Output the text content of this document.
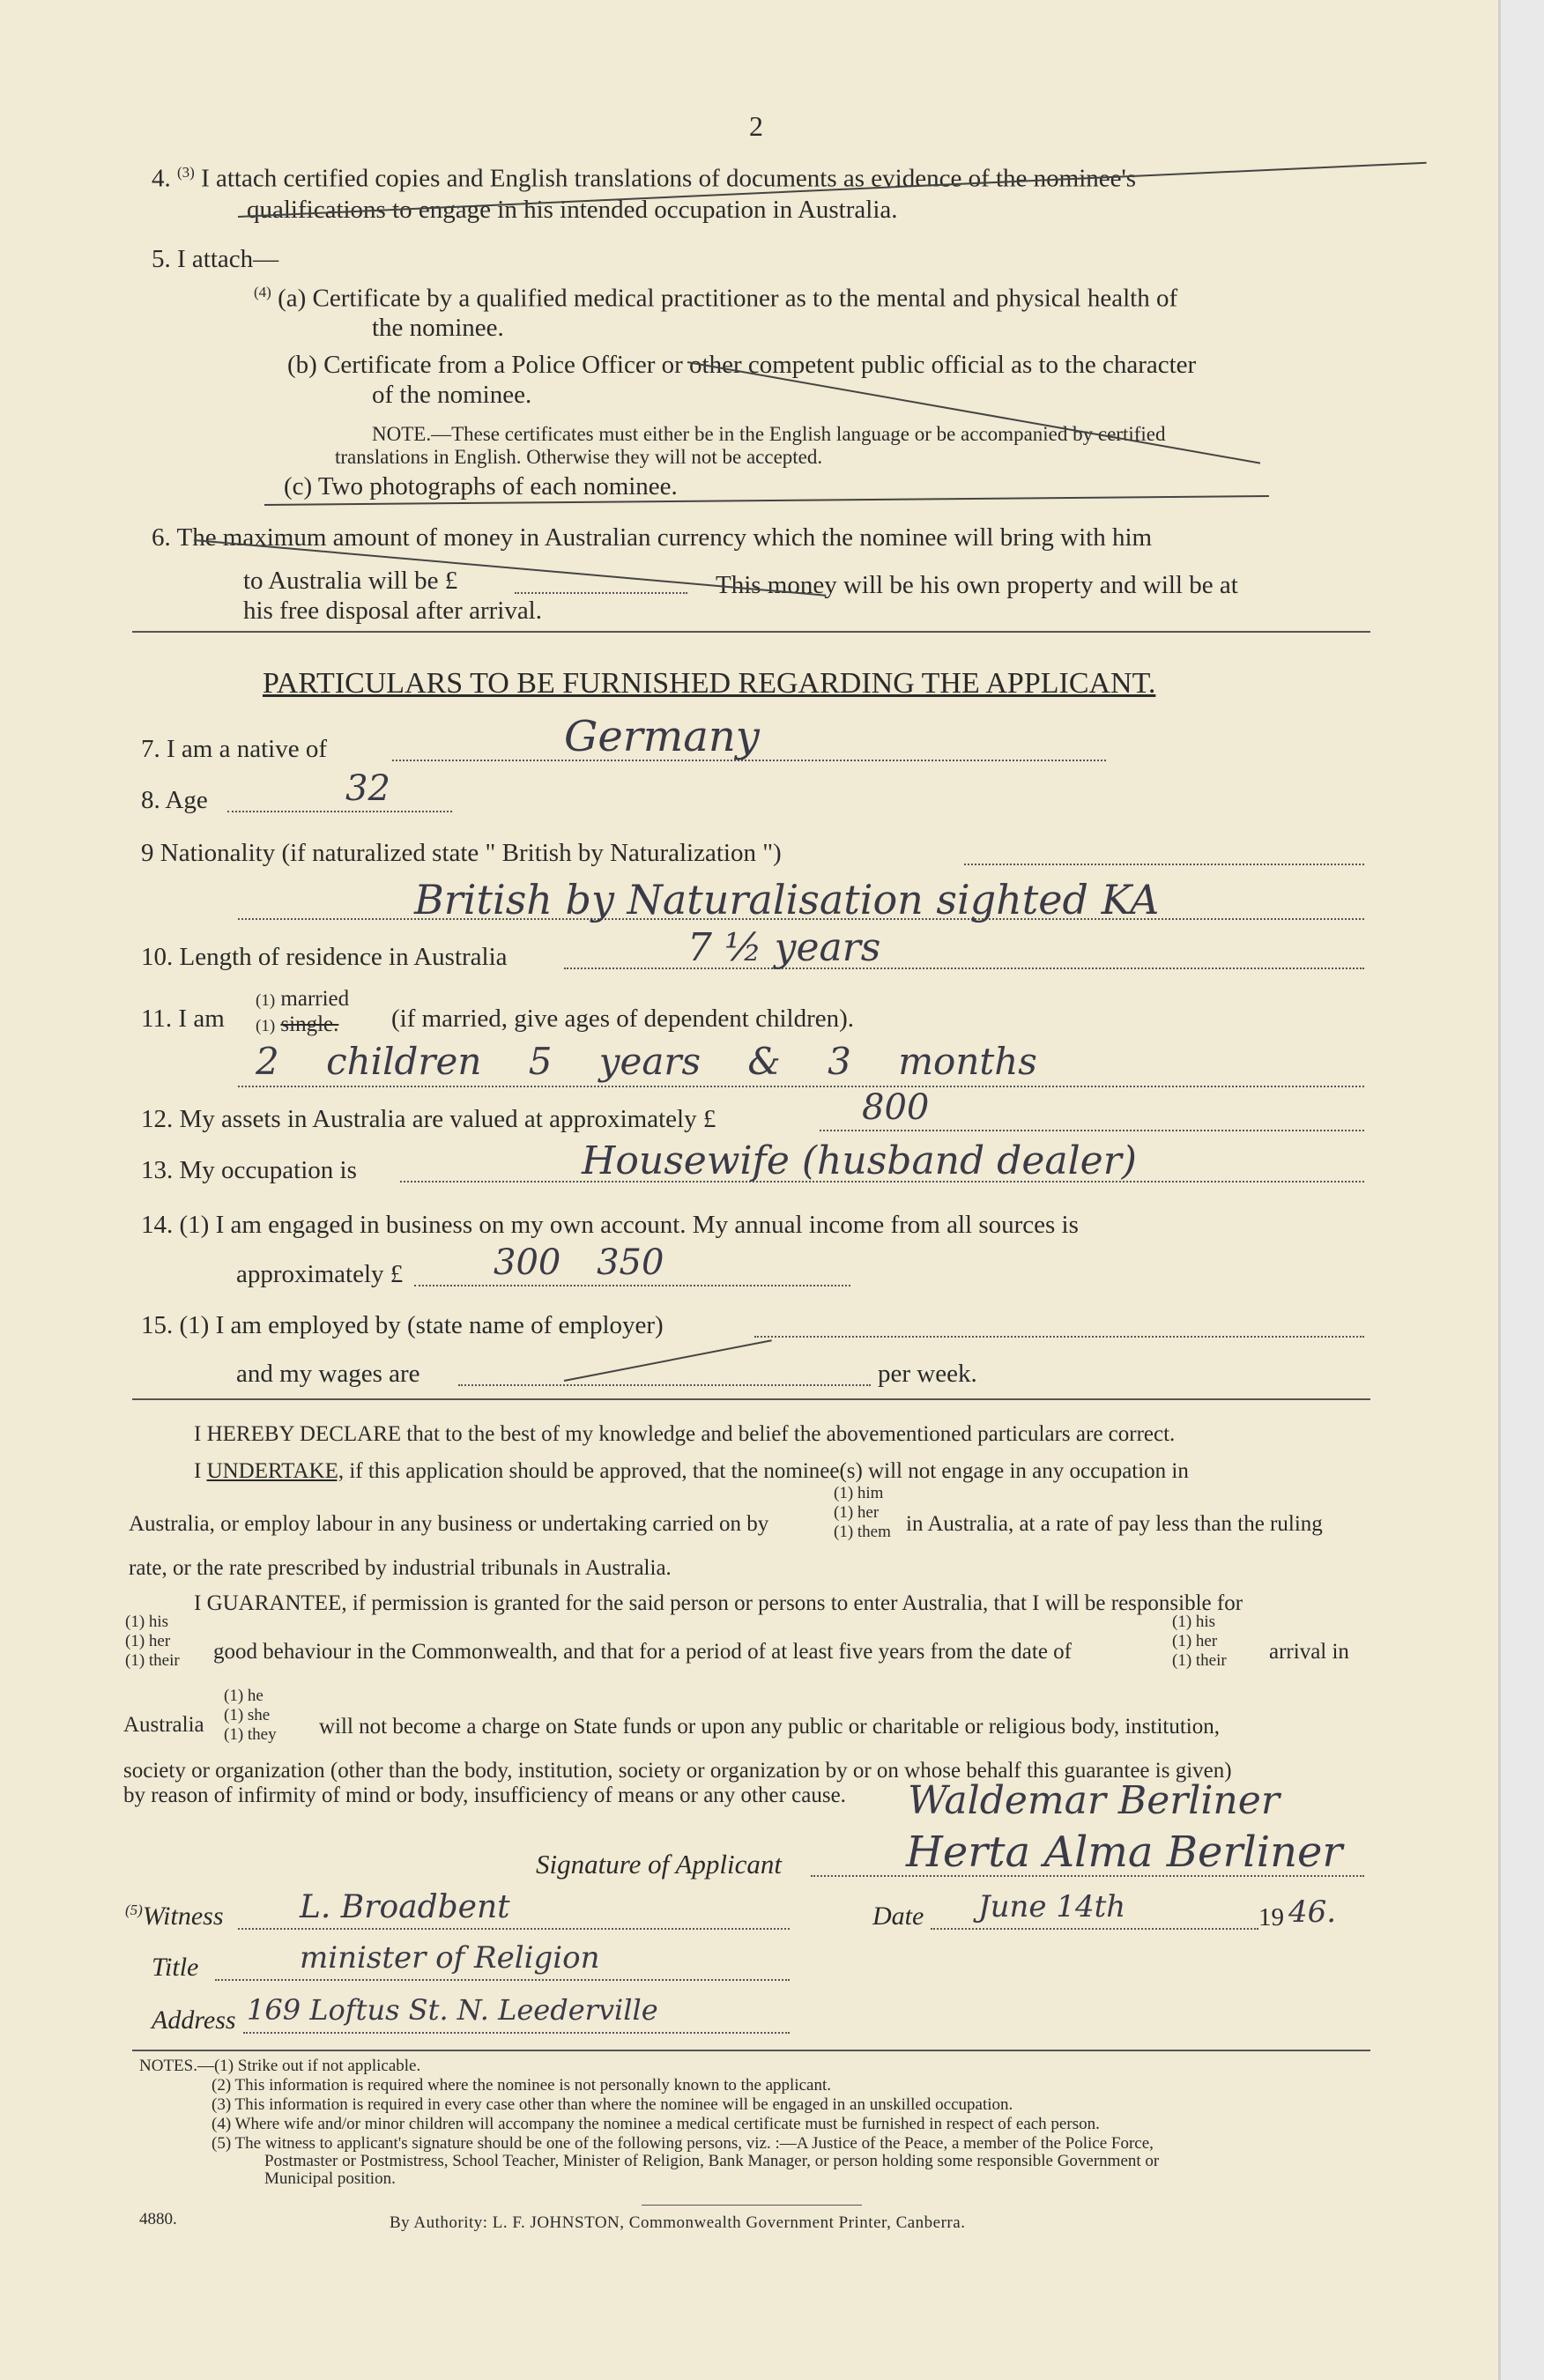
2
4. $^{(3)}$ I attach certified copies and English translations of documents as evidence of the nominee's
qualifications to engage in his intended occupation in Australia.
5. I attach—
$^{(4)}$ (a) Certificate by a qualified medical practitioner as to the mental and physical health of
the nominee.
(b) Certificate from a Police Officer or other competent public official as to the character
of the nominee.
NOTE.—These certificates must either be in the English language or be accompanied by certified
translations in English. Otherwise they will not be accepted.
(c) Two photographs of each nominee.
6. The maximum amount of money in Australian currency which the nominee will bring with him
to Australia will be £	This money will be his own property and will be at
his free disposal after arrival.
PARTICULARS TO BE FURNISHED REGARDING THE APPLICANT.
7. I am a native of	Germany
8. Age	32
9 Nationality (if naturalized state " British by Naturalization ")
British by Naturalisation sighted KA
10. Length of residence in Australia	7 ½ years
11. I am
(1) married
(1) single.	(if married, give ages of dependent children).
2 children 5 years & 3 months
12. My assets in Australia are valued at approximately £	800
13. My occupation is	Housewife (husband dealer)
14. (1) I am engaged in business on my own account. My annual income from all sources is
approximately £	300 350
15. (1) I am employed by (state name of employer)
and my wages are	per week.
I HEREBY DECLARE that to the best of my knowledge and belief the abovementioned particulars are correct.
I UNDERTAKE, if this application should be approved, that the nominee(s) will not engage in any occupation in
Australia, or employ labour in any business or undertaking carried on by
(1) him
(1) her
(1) them in Australia, at a rate of pay less than the ruling
rate, or the rate prescribed by industrial tribunals in Australia.
I GUARANTEE, if permission is granted for the said person or persons to enter Australia, that I will be responsible for
(1) his
(1) her
(1) their good behaviour in the Commonwealth, and that for a period of at least five years from the date of
(1) his
(1) her
(1) their arrival in
Australia
(1) he
(1) she
(1) they will not become a charge on State funds or upon any public or charitable or religious body, institution,
society or organization (other than the body, institution, society or organization by or on whose behalf this guarantee is given)
by reason of infirmity of mind or body, insufficiency of means or any other cause. Waldemar Berliner
Signature of Applicant	Herta Alma Berliner
$^{(5)}$Witness L. Broadbent	Date June 14th	19 46.
Title	minister of Religion
Address 169 Loftus St. N. Leederville
NOTES.—(1) Strike out if not applicable.
(2) This information is required where the nominee is not personally known to the applicant.
(3) This information is required in every case other than where the nominee will be engaged in an unskilled occupation.
(4) Where wife and/or minor children will accompany the nominee a medical certificate must be furnished in respect of each person.
(5) The witness to applicant's signature should be one of the following persons, viz. :—A Justice of the Peace, a member of the Police Force,
Postmaster or Postmistress, School Teacher, Minister of Religion, Bank Manager, or person holding some responsible Government or
Municipal position.
4880.	By Authority: L. F. JOHNSTON, Commonwealth Government Printer, Canberra.
